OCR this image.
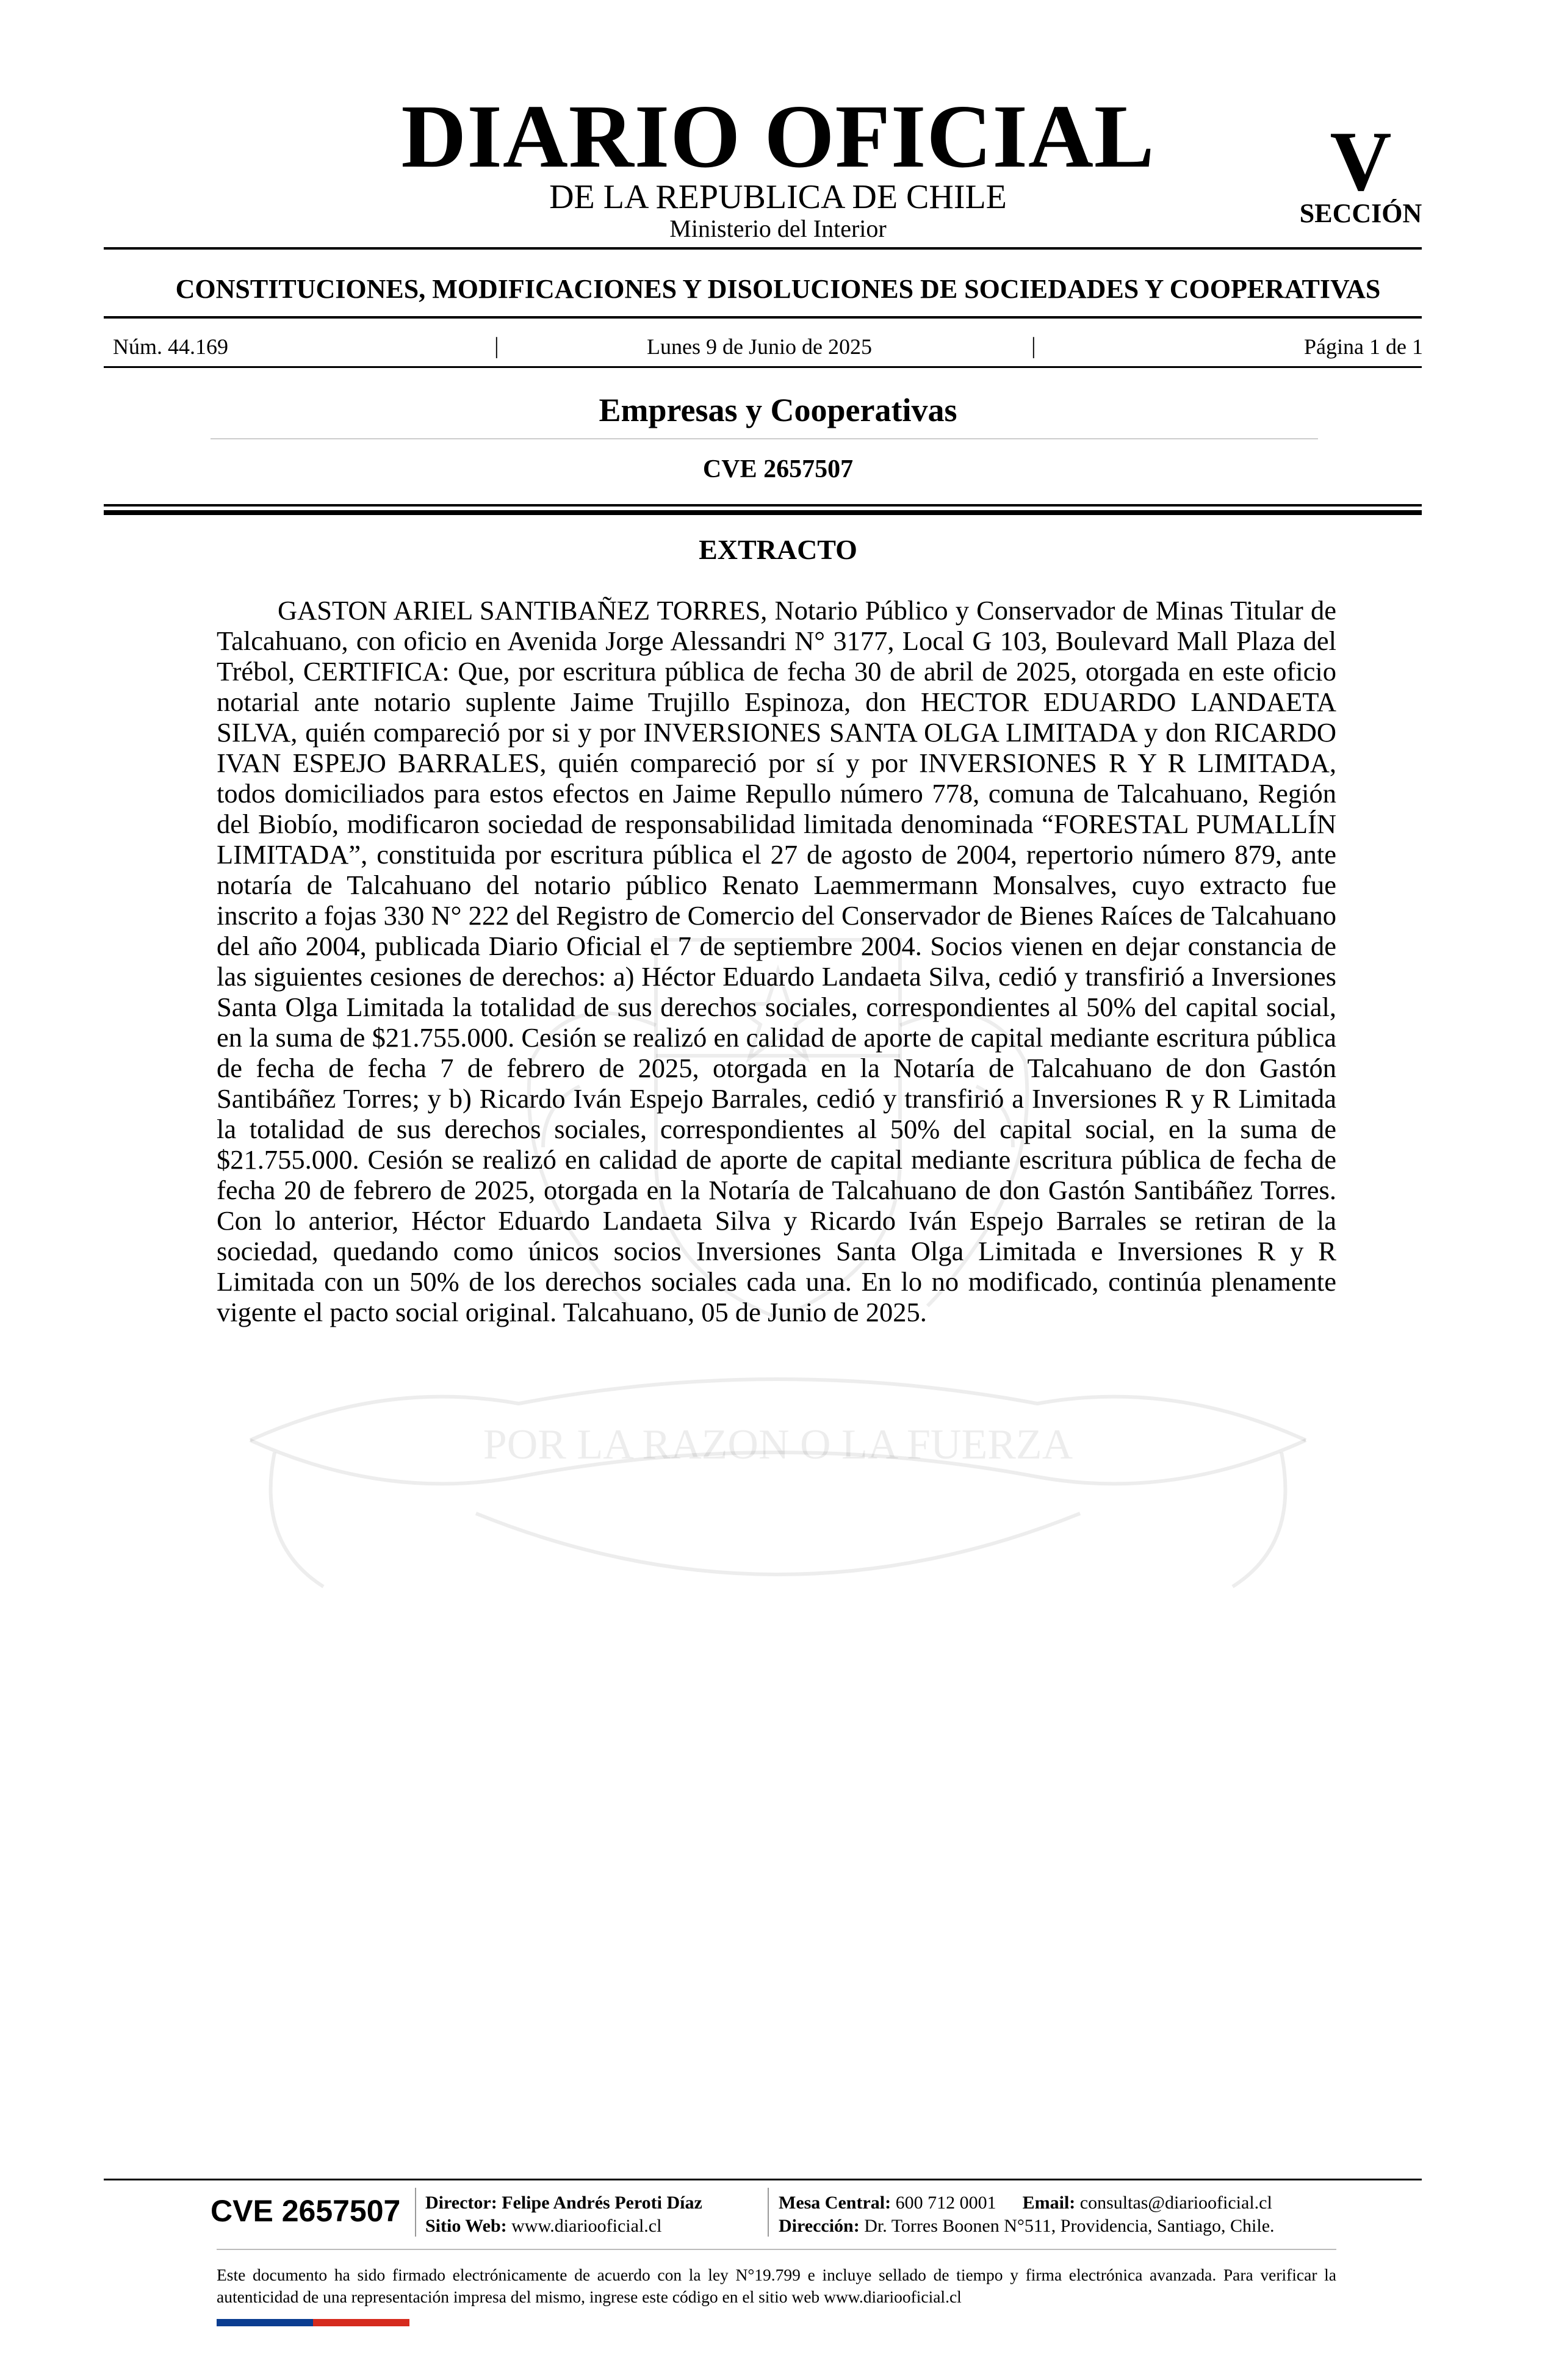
DIARIO OFICIAL
DE LA REPUBLICA DE CHILE
Ministerio del Interior
V
SECCIÓN
CONSTITUCIONES, MODIFICACIONES Y DISOLUCIONES DE SOCIEDADES Y COOPERATIVAS
Núm. 44.169	|	Lunes 9 de Junio de 2025	|	Página 1 de 1
Empresas y Cooperativas
CVE 2657507
POR LA RAZON O LA FUERZA
EXTRACTO

GASTON ARIEL SANTIBAÑEZ TORRES, Notario Público y Conservador de Minas Titular de Talcahuano, con oficio en Avenida Jorge Alessandri N° 3177, Local G 103, Boulevard Mall Plaza del Trébol, CERTIFICA: Que, por escritura pública de fecha 30 de abril de 2025, otorgada en este oficio notarial ante notario suplente Jaime Trujillo Espinoza, don HECTOR EDUARDO LANDAETA SILVA, quién compareció por si y por INVERSIONES SANTA OLGA LIMITADA y don RICARDO IVAN ESPEJO BARRALES, quién compareció por sí y por INVERSIONES R Y R LIMITADA, todos domiciliados para estos efectos en Jaime Repullo número 778, comuna de Talcahuano, Región del Biobío, modificaron sociedad de responsabilidad limitada denominada “FORESTAL PUMALLÍN LIMITADA”, constituida por escritura pública el 27 de agosto de 2004, repertorio número 879, ante notaría de Talcahuano del notario público Renato Laemmermann Monsalves, cuyo extracto fue inscrito a fojas 330 N° 222 del Registro de Comercio del Conservador de Bienes Raíces de Talcahuano del año 2004, publicada Diario Oficial el 7 de septiembre 2004. Socios vienen en dejar constancia de las siguientes cesiones de derechos: a) Héctor Eduardo Landaeta Silva, cedió y transfirió a Inversiones Santa Olga Limitada la totalidad de sus derechos sociales, correspondientes al 50% del capital social, en la suma de $21.755.000. Cesión se realizó en calidad de aporte de capital mediante escritura pública de fecha de fecha 7 de febrero de 2025, otorgada en la Notaría de Talcahuano de don Gastón Santibáñez Torres; y b) Ricardo Iván Espejo Barrales, cedió y transfirió a Inversiones R y R Limitada la totalidad de sus derechos sociales, correspondientes al 50% del capital social, en la suma de $21.755.000. Cesión se realizó en calidad de aporte de capital mediante escritura pública de fecha de fecha 20 de febrero de 2025, otorgada en la Notaría de Talcahuano de don Gastón Santibáñez Torres. Con lo anterior, Héctor Eduardo Landaeta Silva y Ricardo Iván Espejo Barrales se retiran de la sociedad, quedando como únicos socios Inversiones Santa Olga Limitada e Inversiones R y R Limitada con un 50% de los derechos sociales cada una. En lo no modificado, continúa plenamente vigente el pacto social original. Talcahuano, 05 de Junio de 2025.

CVE 2657507 Director: Felipe Andrés Peroti Díaz
Sitio Web: www.diariooficial.cl
Mesa Central: 600 712 0001 Email: consultas@diariooficial.cl
Dirección: Dr. Torres Boonen N°511, Providencia, Santiago, Chile.

Este documento ha sido firmado electrónicamente de acuerdo con la ley N°19.799 e incluye sellado de tiempo y firma electrónica avanzada. Para verificar la autenticidad de una representación impresa del mismo, ingrese este código en el sitio web www.diariooficial.cl
